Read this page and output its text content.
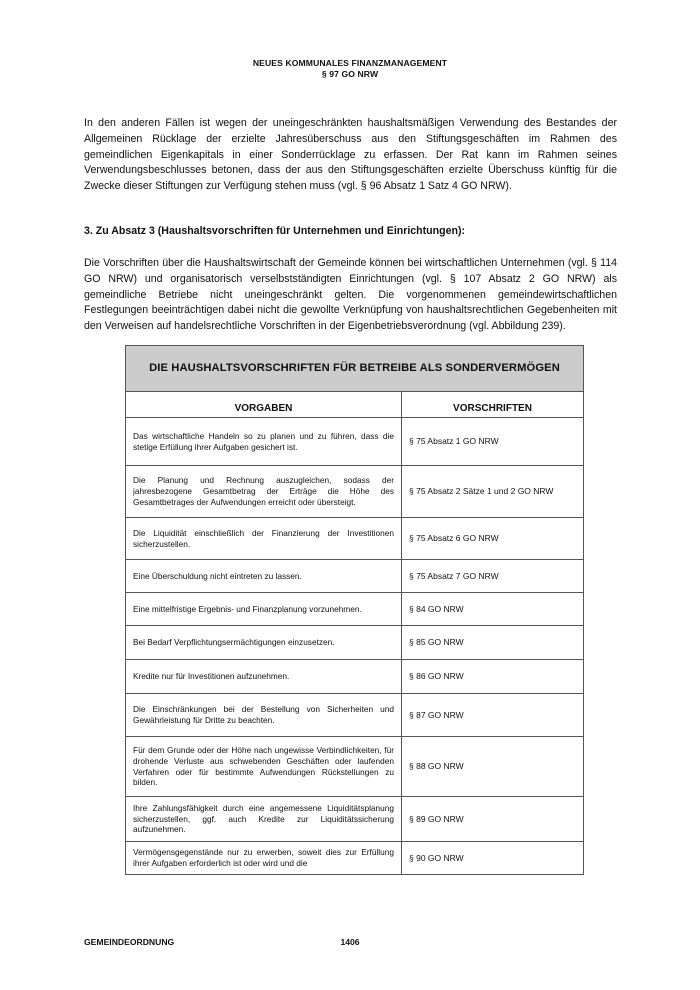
NEUES KOMMUNALES FINANZMANAGEMENT
§ 97 GO NRW

In den anderen Fällen ist wegen der uneingeschränkten haushaltsmäßigen Verwendung des Bestandes der Allgemeinen Rücklage der erzielte Jahresüberschuss aus den Stiftungsgeschäften im Rahmen des gemeindlichen Eigenkapitals in einer Sonderrücklage zu erfassen. Der Rat kann im Rahmen seines Verwendungsbeschlusses betonen, dass der aus den Stiftungsgeschäften erzielte Überschuss künftig für die Zwecke dieser Stiftungen zur Verfügung stehen muss (vgl. § 96 Absatz 1 Satz 4 GO NRW).

3. Zu Absatz 3 (Haushaltsvorschriften für Unternehmen und Einrichtungen):

Die Vorschriften über die Haushaltswirtschaft der Gemeinde können bei wirtschaftlichen Unternehmen (vgl. § 114 GO NRW) und organisatorisch verselbstständigten Einrichtungen (vgl. § 107 Absatz 2 GO NRW) als gemeindliche Betriebe nicht uneingeschränkt gelten. Die vorgenommenen gemeindewirtschaftlichen Festlegungen beeinträchtigen dabei nicht die gewollte Verknüpfung von haushaltsrechtlichen Gegebenheiten mit den Verweisen auf handelsrechtliche Vorschriften in der Eigenbetriebsverordnung (vgl. Abbildung 239).

DIE HAUSHALTSVORSCHRIFTEN FÜR BETREIBE ALS SONDERVERMÖGEN	
VORGABEN	VORSCHRIFTEN
Das wirtschaftliche Handeln so zu planen und zu führen, dass die stetige Erfüllung ihrer Aufgaben gesichert ist.	§ 75 Absatz 1 GO NRW
Die Planung und Rechnung auszugleichen, sodass der jahresbezogene Gesamtbetrag der Erträge die Höhe des Gesamtbetrages der Aufwendungen erreicht oder übersteigt.	§ 75 Absatz 2 Sätze 1 und 2 GO NRW
Die Liquidität einschließlich der Finanzierung der Investitionen sicherzustellen.	§ 75 Absatz 6 GO NRW
Eine Überschuldung nicht eintreten zu lassen.	§ 75 Absatz 7 GO NRW
Eine mittelfristige Ergebnis- und Finanzplanung vorzunehmen.	§ 84 GO NRW
Bei Bedarf Verpflichtungsermächtigungen einzusetzen.	§ 85 GO NRW
Kredite nur für Investitionen aufzunehmen.	§ 86 GO NRW
Die Einschränkungen bei der Bestellung von Sicherheiten und Gewährleistung für Dritte zu beachten.	§ 87 GO NRW
Für dem Grunde oder der Höhe nach ungewisse Verbindlichkeiten, für drohende Verluste aus schwebenden Geschäften oder laufenden Verfahren oder für bestimmte Aufwendungen Rückstellungen zu bilden.	§ 88 GO NRW
Ihre Zahlungsfähigkeit durch eine angemessene Liquiditätsplanung sicherzustellen, ggf. auch Kredite zur Liquiditätssicherung aufzunehmen.	§ 89 GO NRW
Vermögensgegenstände nur zu erwerben, soweit dies zur Erfüllung ihrer Aufgaben erforderlich ist oder wird und die	§ 90 GO NRW
GEMEINDEORDNUNG	1406
